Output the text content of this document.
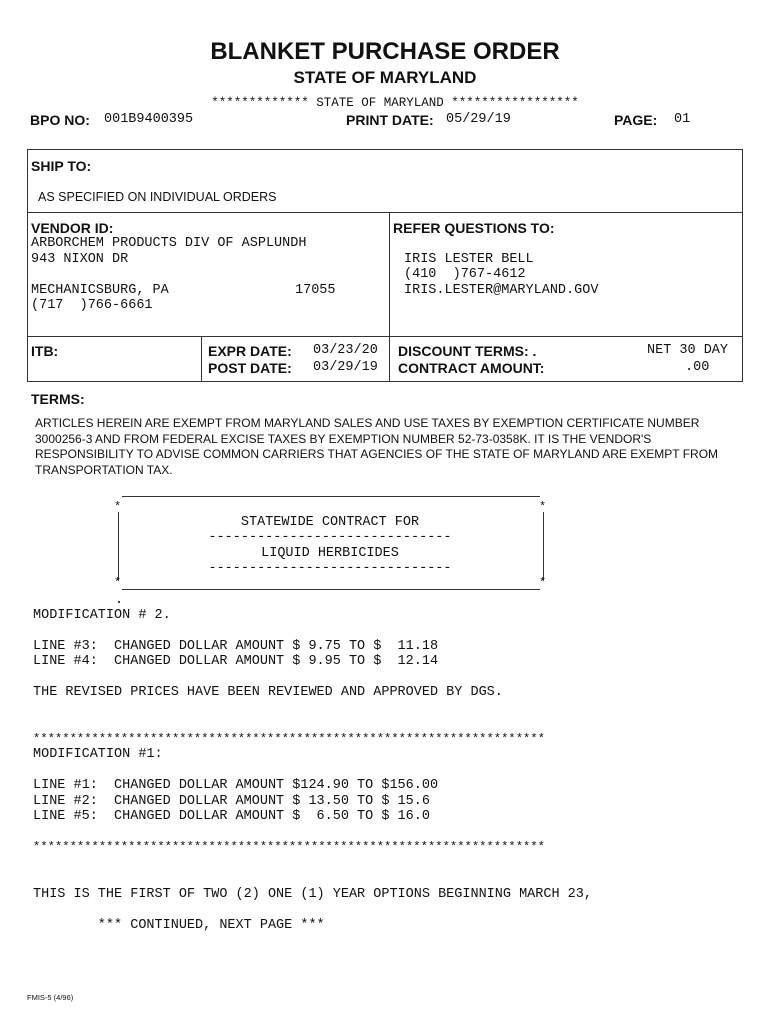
BLANKET PURCHASE ORDER
STATE OF MARYLAND
************* STATE OF MARYLAND *****************
BPO NO: 001B9400395	PRINT DATE: 05/29/19	PAGE: 01
SHIP TO:
AS SPECIFIED ON INDIVIDUAL ORDERS
VENDOR ID:
ARBORCHEM PRODUCTS DIV OF ASPLUNDH
943 NIXON DR
MECHANICSBURG, PA	17055
(717  )766-6661
REFER QUESTIONS TO:
IRIS LESTER BELL
(410  )767-4612
IRIS.LESTER@MARYLAND.GOV
ITB:	EXPR DATE: 03/23/20
POST DATE: 03/29/19
DISCOUNT TERMS: .	NET 30 DAY
CONTRACT AMOUNT:	.00
TERMS:
ARTICLES HEREIN ARE EXEMPT FROM MARYLAND SALES AND USE TAXES BY EXEMPTION CERTIFICATE NUMBER 3000256-3 AND FROM FEDERAL EXCISE TAXES BY EXEMPTION NUMBER 52-73-0358K. IT IS THE VENDOR'S RESPONSIBILITY TO ADVISE COMMON CARRIERS THAT AGENCIES OF THE STATE OF MARYLAND ARE EXEMPT FROM TRANSPORTATION TAX.
*	*
STATEWIDE CONTRACT FOR
------------------------------
LIQUID HERBICIDES
------------------------------
*	*
.
MODIFICATION # 2.
LINE #3:  CHANGED DOLLAR AMOUNT $ 9.75 TO $  11.18
LINE #4:  CHANGED DOLLAR AMOUNT $ 9.95 TO $  12.14
THE REVISED PRICES HAVE BEEN REVIEWED AND APPROVED BY DGS.
**********************************************************************
MODIFICATION #1:
LINE #1:  CHANGED DOLLAR AMOUNT $124.90 TO $156.00
LINE #2:  CHANGED DOLLAR AMOUNT $ 13.50 TO $ 15.6
LINE #5:  CHANGED DOLLAR AMOUNT $  6.50 TO $ 16.0
**********************************************************************
THIS IS THE FIRST OF TWO (2) ONE (1) YEAR OPTIONS BEGINNING MARCH 23,
*** CONTINUED, NEXT PAGE ***
FMIS-5 (4/96)
